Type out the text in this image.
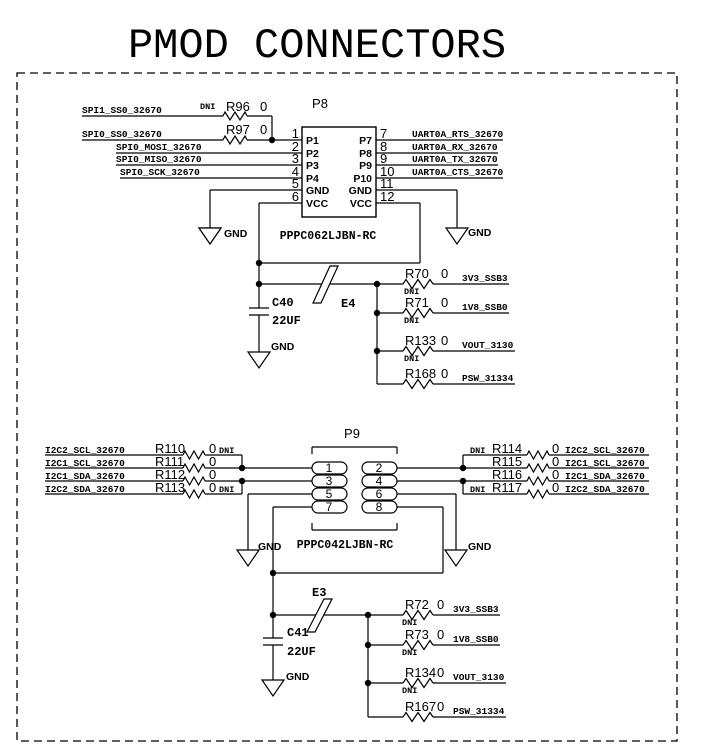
PMOD CONNECTORS
P8
PPPC062LJBN-RC
SPI1_SS0_32670
SPI0_SS0_32670
SPI0_MOSI_32670
SPI0_MISO_32670
SPI0_SCK_32670
DNI R96 0
R97 0 1
2
3
4
5
6
7
8
9
10
11
12
P1
P2
P3
P4
GND
VCC
P7
P8
P9
P10
GND
VCC
UART0A_RTS_32670
UART0A_RX_32670
UART0A_TX_32670
UART0A_CTS_32670
GND	GND
GND
C40
22UF
E4
R70 0
DNI
3V3_SSB3
R71 0
DNI
1V8_SSB0
R133 0
DNI
VOUT_3130
R168 0 PSW_31334
P9
PPPC042LJBN-RC
1
3
5
7
2
4
6
8
I2C2_SCL_32670 R110 0 DNI
I2C1_SCL_32670 R111 0
I2C1_SDA_32670 R112 0
I2C2_SDA_32670 R113 0 DNI
DNI R114 0 I2C2_SCL_32670
R115 0 I2C1_SCL_32670
R116 0 I2C1_SDA_32670
DNI R117 0 I2C2_SDA_32670
GND	GND
GND
C41
22UF
E3
R72 0
DNI
3V3_SSB3
R73 0
DNI
1V8_SSB0
R134 0
DNI
VOUT_3130
R167 0 PSW_31334
